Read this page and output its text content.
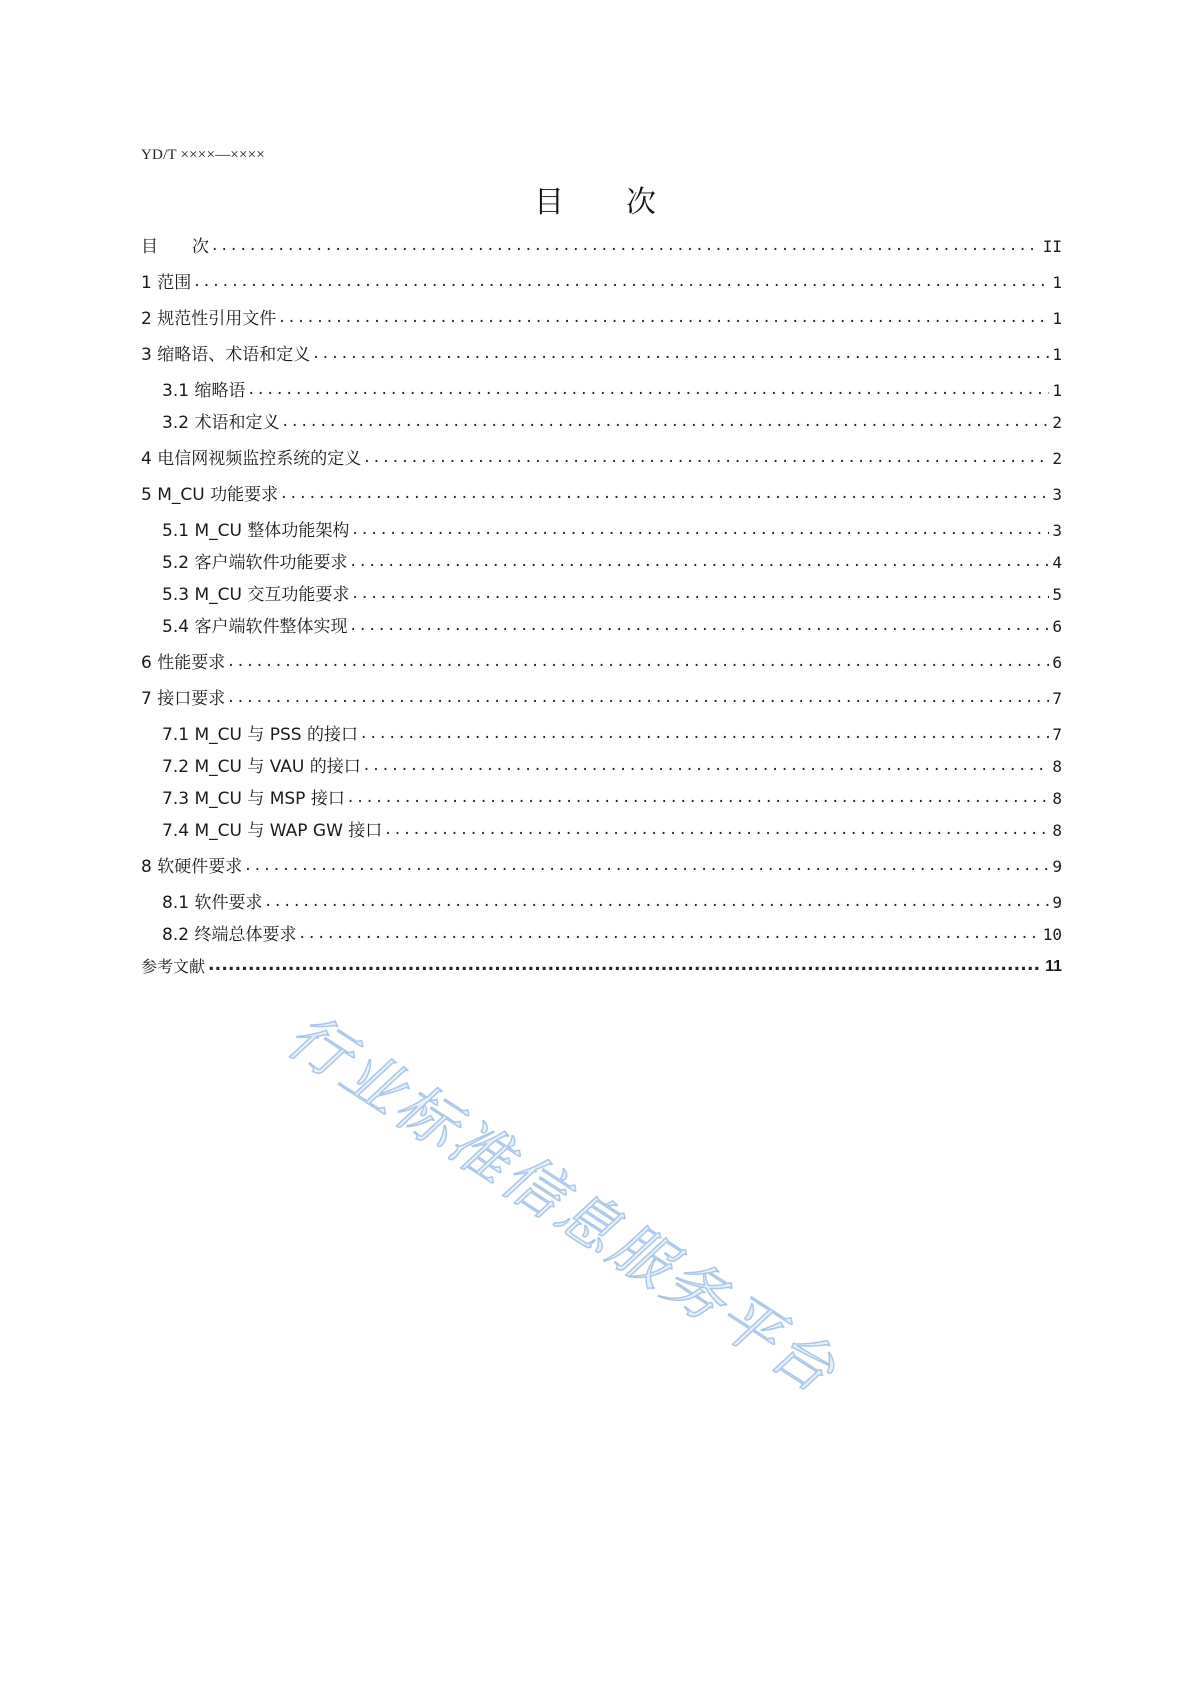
YD/T ××××—××××
目 次
目　　次 .....	II
1 范围 .....	1
2 规范性引用文件 .....	1
3 缩略语、术语和定义 .....	1
3.1 缩略语 .....	1
3.2 术语和定义 .....	2
4 电信网视频监控系统的定义 .....	2
5 M_CU 功能要求 .....	3
5.1 M_CU 整体功能架构 .....	3
5.2 客户端软件功能要求 .....	4
5.3 M_CU 交互功能要求 .....	5
5.4 客户端软件整体实现 .....	6
6 性能要求 .....	6
7 接口要求 .....	7
7.1 M_CU 与 PSS 的接口 .....	7
7.2 M_CU 与 VAU 的接口 .....	8
7.3 M_CU 与 MSP 接口 .....	8
7.4 M_CU 与 WAP GW 接口 .....	8
8 软硬件要求 .....	9
8.1 软件要求 .....	9
8.2 终端总体要求 .....	10
参考文献 .....	11
行业标准信息服务平台
